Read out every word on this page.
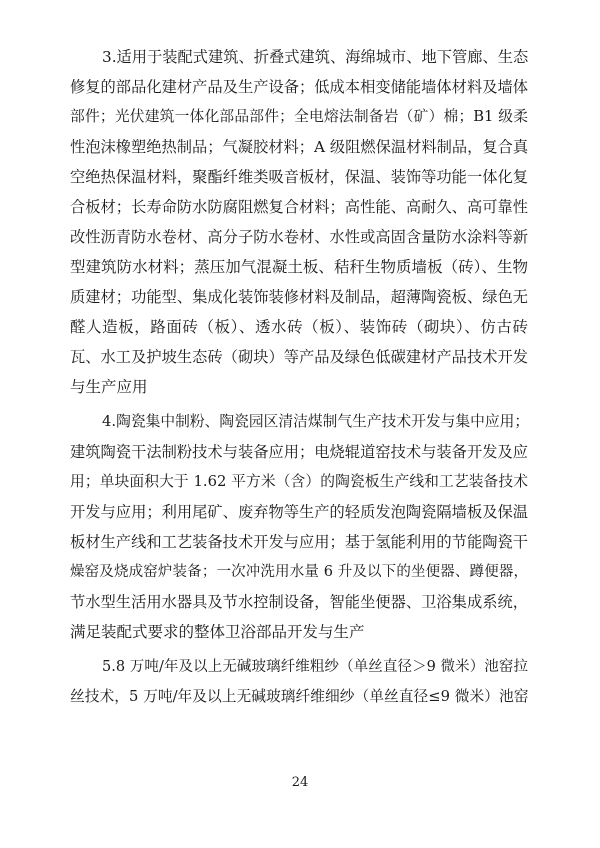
3.适用于装配式建筑、折叠式建筑、海绵城市、地下管廊、生态
修复的部品化建材产品及生产设备；低成本相变储能墙体材料及墙体
部件；光伏建筑一体化部品部件；全电熔法制备岩（矿）棉；B1 级柔
性泡沫橡塑绝热制品；气凝胶材料；A 级阻燃保温材料制品，复合真
空绝热保温材料，聚酯纤维类吸音板材，保温、装饰等功能一体化复
合板材；长寿命防水防腐阻燃复合材料；高性能、高耐久、高可靠性
改性沥青防水卷材、高分子防水卷材、水性或高固含量防水涂料等新
型建筑防水材料；蒸压加气混凝土板、秸秆生物质墙板（砖）、生物
质建材；功能型、集成化装饰装修材料及制品，超薄陶瓷板、绿色无
醛人造板，路面砖（板）、透水砖（板）、装饰砖（砌块）、仿古砖
瓦、水工及护坡生态砖（砌块）等产品及绿色低碳建材产品技术开发
与生产应用
4.陶瓷集中制粉、陶瓷园区清洁煤制气生产技术开发与集中应用；
建筑陶瓷干法制粉技术与装备应用；电烧辊道窑技术与装备开发及应
用；单块面积大于 1.62 平方米（含）的陶瓷板生产线和工艺装备技术
开发与应用；利用尾矿、废弃物等生产的轻质发泡陶瓷隔墙板及保温
板材生产线和工艺装备技术开发与应用；基于氢能利用的节能陶瓷干
燥窑及烧成窑炉装备；一次冲洗用水量 6 升及以下的坐便器、蹲便器，
节水型生活用水器具及节水控制设备，智能坐便器、卫浴集成系统，
满足装配式要求的整体卫浴部品开发与生产
5.8 万吨/年及以上无碱玻璃纤维粗纱（单丝直径＞9 微米）池窑拉
丝技术，5 万吨/年及以上无碱玻璃纤维细纱（单丝直径≤9 微米）池窑
24
